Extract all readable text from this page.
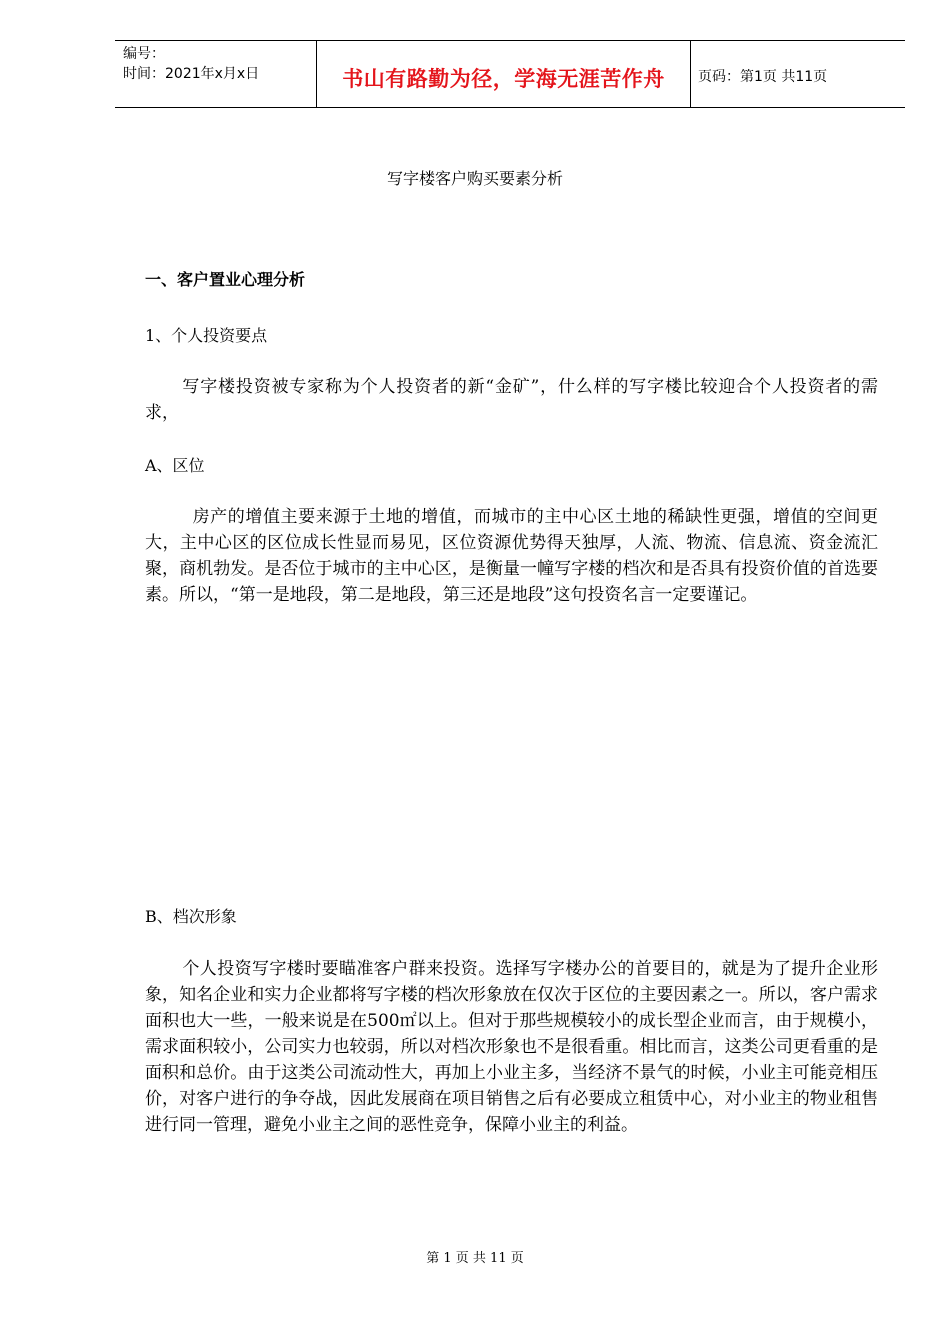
编号：
时间：2021年x月x日	书山有路勤为径，学海无涯苦作舟	页码：第1页 共11页
写字楼客户购买要素分析
一、客户置业心理分析
1、个人投资要点

写字楼投资被专家称为个人投资者的新“金矿”，什么样的写字楼比较迎合个人投资者的需求，

A、区位

房产的增值主要来源于土地的增值，而城市的主中心区土地的稀缺性更强，增值的空间更大，主中心区的区位成长性显而易见，区位资源优势得天独厚，人流、物流、信息流、资金流汇聚，商机勃发。是否位于城市的主中心区，是衡量一幢写字楼的档次和是否具有投资价值的首选要素。所以，“第一是地段，第二是地段，第三还是地段”这句投资名言一定要谨记。

B、档次形象

个人投资写字楼时要瞄准客户群来投资。选择写字楼办公的首要目的，就是为了提升企业形象，知名企业和实力企业都将写字楼的档次形象放在仅次于区位的主要因素之一。所以，客户需求面积也大一些，一般来说是在500㎡以上。但对于那些规模较小的成长型企业而言，由于规模小，需求面积较小，公司实力也较弱，所以对档次形象也不是很看重。相比而言，这类公司更看重的是面积和总价。由于这类公司流动性大，再加上小业主多，当经济不景气的时候，小业主可能竞相压价，对客户进行的争夺战，因此发展商在项目销售之后有必要成立租赁中心，对小业主的物业租售进行同一管理，避免小业主之间的恶性竞争，保障小业主的利益。

第 1 页 共 11 页
